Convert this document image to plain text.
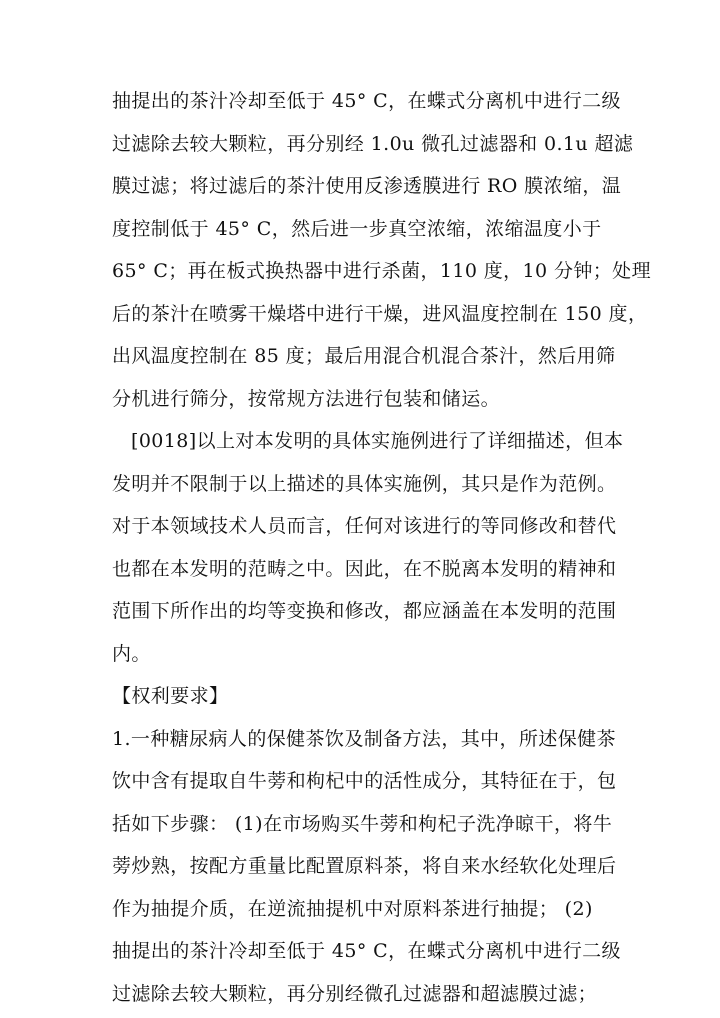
抽提出的茶汁冷却至低于 45° C，在蝶式分离机中进行二级
过滤除去较大颗粒，再分别经 1.0u 微孔过滤器和 0.1u 超滤
膜过滤；将过滤后的茶汁使用反渗透膜进行 RO 膜浓缩，温
度控制低于 45° C，然后进一步真空浓缩，浓缩温度小于
65° C；再在板式换热器中进行杀菌，110 度，10 分钟；处理
后的茶汁在喷雾干燥塔中进行干燥，进风温度控制在 150 度，
出风温度控制在 85 度；最后用混合机混合茶汁，然后用筛
分机进行筛分，按常规方法进行包装和储运。
[0018]以上对本发明的具体实施例进行了详细描述，但本
发明并不限制于以上描述的具体实施例，其只是作为范例。
对于本领域技术人员而言，任何对该进行的等同修改和替代
也都在本发明的范畴之中。因此，在不脱离本发明的精神和
范围下所作出的均等变换和修改，都应涵盖在本发明的范围
内。
【权利要求】
1.一种糖尿病人的保健茶饮及制备方法，其中，所述保健茶
饮中含有提取自牛蒡和枸杞中的活性成分，其特征在于，包
括如下步骤： (1)在市场购买牛蒡和枸杞子洗净晾干，将牛
蒡炒熟，按配方重量比配置原料茶，将自来水经软化处理后
作为抽提介质，在逆流抽提机中对原料茶进行抽提； (2)
抽提出的茶汁冷却至低于 45° C，在蝶式分离机中进行二级
过滤除去较大颗粒，再分别经微孔过滤器和超滤膜过滤；
